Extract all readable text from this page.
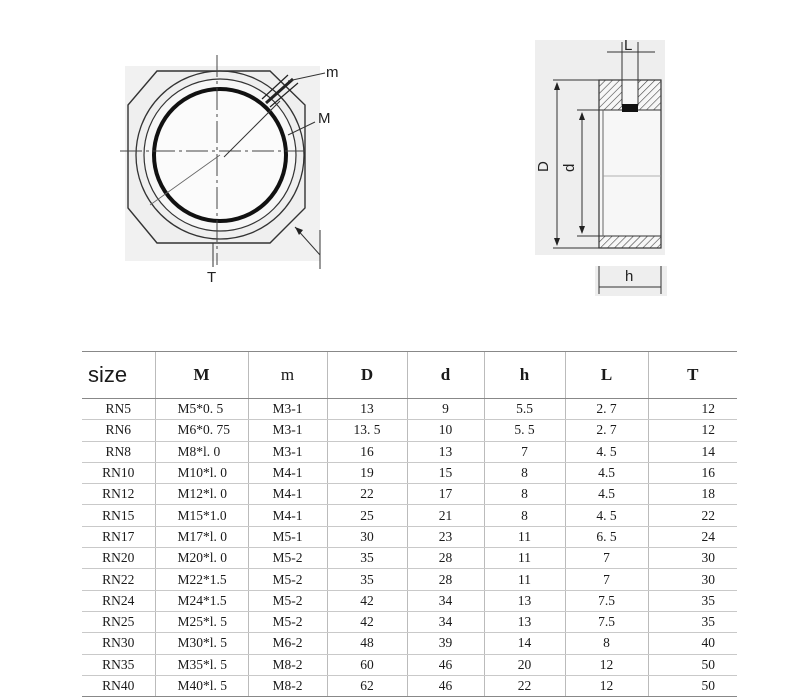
m
M
T
L
D d
h
size	M	m	D	d	h	L	T
RN5	M5*0. 5	M3-1	13	9	5.5	2. 7	12
RN6	M6*0. 75	M3-1	13. 5	10	5. 5	2. 7	12
RN8	M8*l. 0	M3-1	16	13	7	4. 5	14
RN10	M10*l. 0	M4-1	19	15	8	4.5	16
RN12	M12*l. 0	M4-1	22	17	8	4.5	18
RN15	M15*1.0	M4-1	25	21	8	4. 5	22
RN17	M17*l. 0	M5-1	30	23	11	6. 5	24
RN20	M20*l. 0	M5-2	35	28	11	7	30
RN22	M22*1.5	M5-2	35	28	11	7	30
RN24	M24*1.5	M5-2	42	34	13	7.5	35
RN25	M25*l. 5	M5-2	42	34	13	7.5	35
RN30	M30*l. 5	M6-2	48	39	14	8	40
RN35	M35*l. 5	M8-2	60	46	20	12	50
RN40	M40*l. 5	M8-2	62	46	22	12	50
